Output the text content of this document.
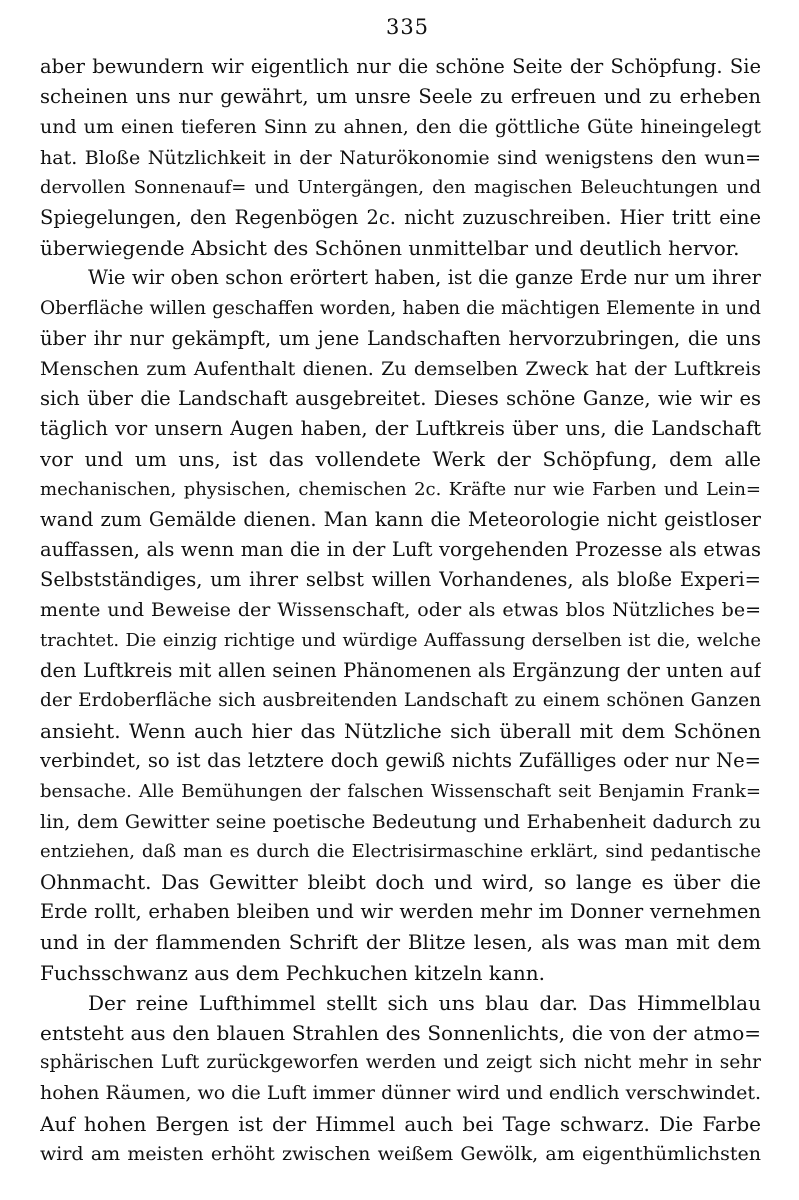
335
aber bewundern wir eigentlich nur die schöne Seite der Schöpfung. Sie
scheinen uns nur gewährt, um unsre Seele zu erfreuen und zu erheben
und um einen tieferen Sinn zu ahnen, den die göttliche Güte hineingelegt
hat. Bloße Nützlichkeit in der Naturökonomie sind wenigstens den wun=
dervollen Sonnenauf= und Untergängen, den magischen Beleuchtungen und
Spiegelungen, den Regenbögen 2c. nicht zuzuschreiben. Hier tritt eine
überwiegende Absicht des Schönen unmittelbar und deutlich hervor.
Wie wir oben schon erörtert haben, ist die ganze Erde nur um ihrer
Oberfläche willen geschaffen worden, haben die mächtigen Elemente in und
über ihr nur gekämpft, um jene Landschaften hervorzubringen, die uns
Menschen zum Aufenthalt dienen. Zu demselben Zweck hat der Luftkreis
sich über die Landschaft ausgebreitet. Dieses schöne Ganze, wie wir es
täglich vor unsern Augen haben, der Luftkreis über uns, die Landschaft
vor und um uns, ist das vollendete Werk der Schöpfung, dem alle
mechanischen, physischen, chemischen 2c. Kräfte nur wie Farben und Lein=
wand zum Gemälde dienen. Man kann die Meteorologie nicht geistloser
auffassen, als wenn man die in der Luft vorgehenden Prozesse als etwas
Selbstständiges, um ihrer selbst willen Vorhandenes, als bloße Experi=
mente und Beweise der Wissenschaft, oder als etwas blos Nützliches be=
trachtet. Die einzig richtige und würdige Auffassung derselben ist die, welche
den Luftkreis mit allen seinen Phänomenen als Ergänzung der unten auf
der Erdoberfläche sich ausbreitenden Landschaft zu einem schönen Ganzen
ansieht. Wenn auch hier das Nützliche sich überall mit dem Schönen
verbindet, so ist das letztere doch gewiß nichts Zufälliges oder nur Ne=
bensache. Alle Bemühungen der falschen Wissenschaft seit Benjamin Frank=
lin, dem Gewitter seine poetische Bedeutung und Erhabenheit dadurch zu
entziehen, daß man es durch die Electrisirmaschine erklärt, sind pedantische
Ohnmacht. Das Gewitter bleibt doch und wird, so lange es über die
Erde rollt, erhaben bleiben und wir werden mehr im Donner vernehmen
und in der flammenden Schrift der Blitze lesen, als was man mit dem
Fuchsschwanz aus dem Pechkuchen kitzeln kann.
Der reine Lufthimmel stellt sich uns blau dar. Das Himmelblau
entsteht aus den blauen Strahlen des Sonnenlichts, die von der atmo=
sphärischen Luft zurückgeworfen werden und zeigt sich nicht mehr in sehr
hohen Räumen, wo die Luft immer dünner wird und endlich verschwindet.
Auf hohen Bergen ist der Himmel auch bei Tage schwarz. Die Farbe
wird am meisten erhöht zwischen weißem Gewölk, am eigenthümlichsten
